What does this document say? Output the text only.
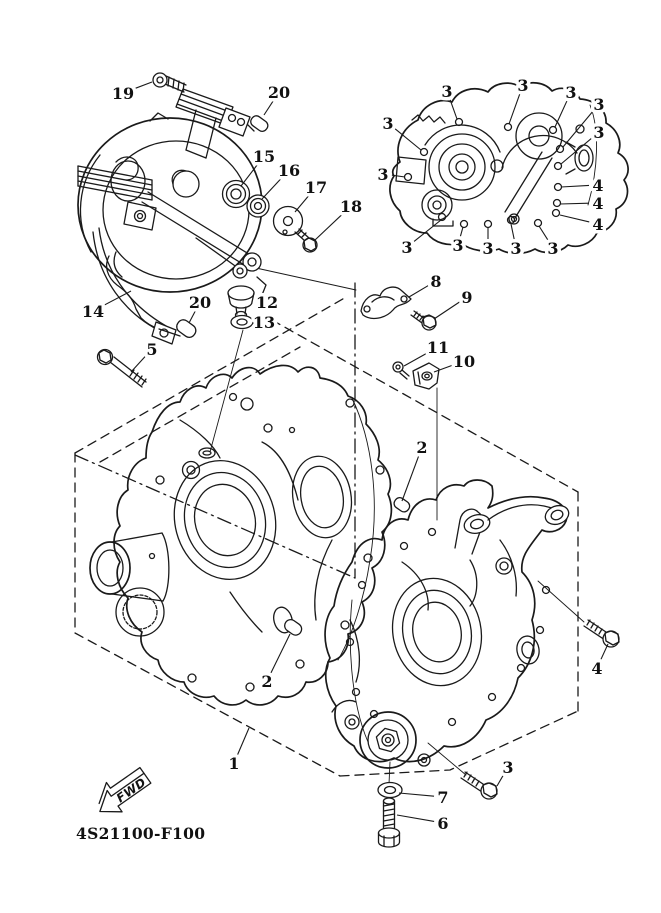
FWD
4S21100-F100
19	20
15
16
17
18
14	20	12
13
5
8
9
11
10
2
2
1
7
6
3
4
3
3
3	3 3
3
3
3 3 3 3 3
4
4
4
